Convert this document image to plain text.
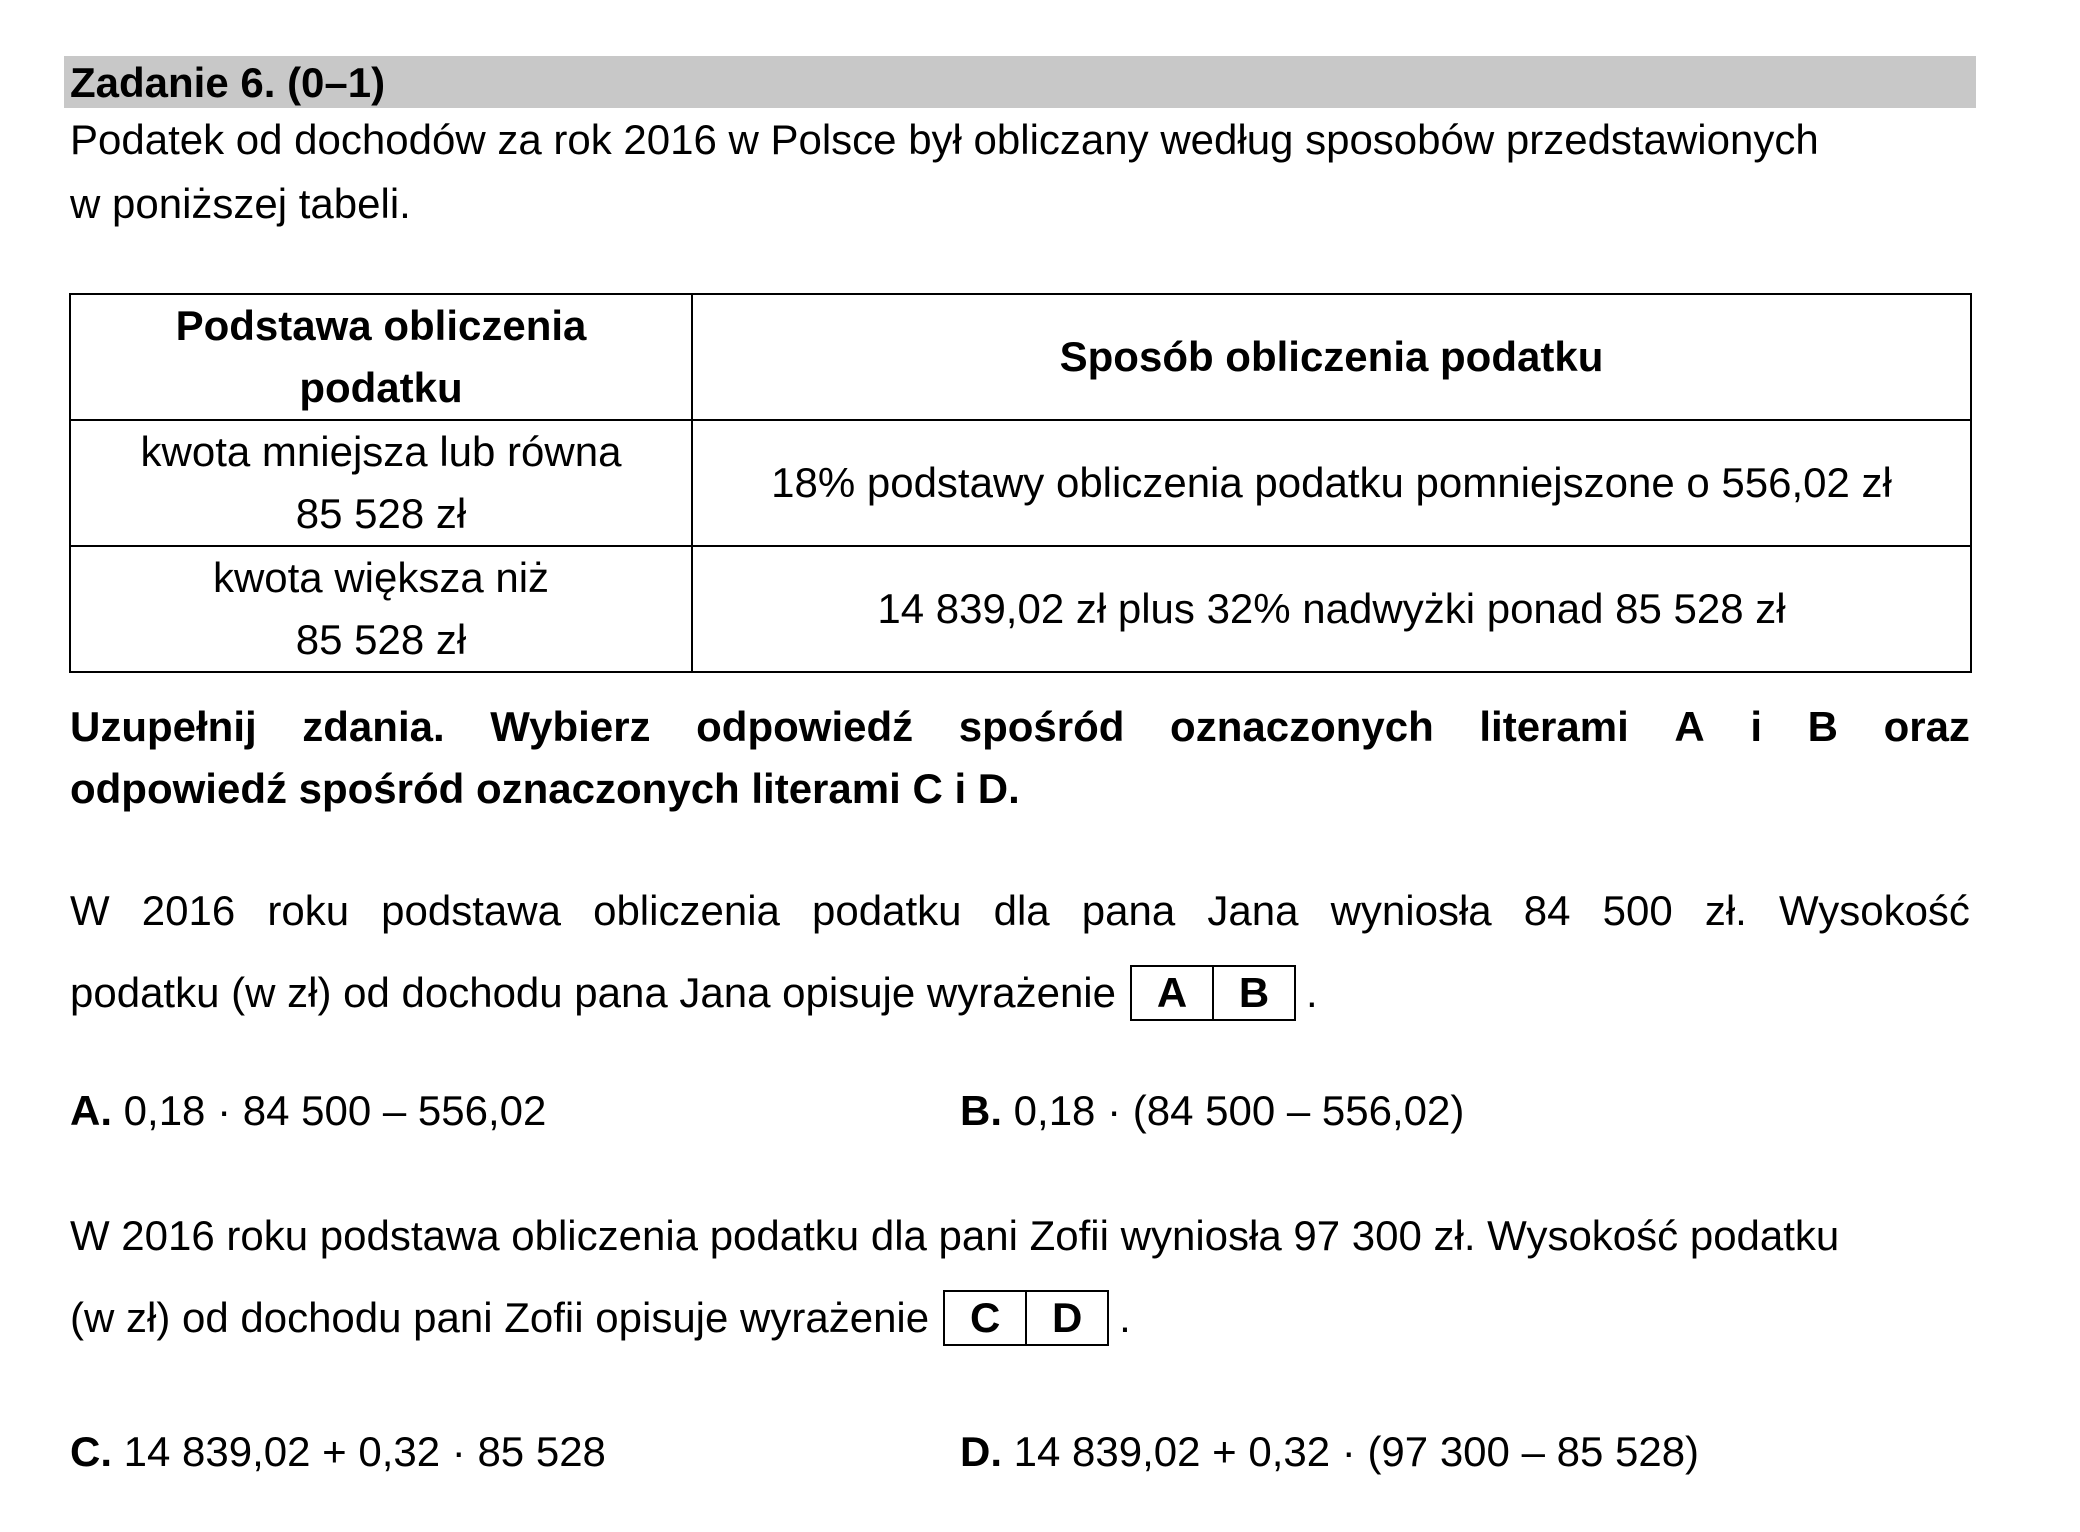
Zadanie 6. (0–1)

Podatek od dochodów za rok 2016 w Polsce był obliczany według sposobów przedstawionych

w poniższej tabeli.

Podstawa obliczenia
podatku	Sposób obliczenia podatku
kwota mniejsza lub równa
85 528 zł	18% podstawy obliczenia podatku pomniejszone o 556,02 zł
kwota większa niż
85 528 zł	14 839,02 zł plus 32% nadwyżki ponad 85 528 zł
Uzupełnij zdania. Wybierz odpowiedź spośród oznaczonych literami A i B oraz
odpowiedź spośród oznaczonych literami C i D.
W 2016 roku podstawa obliczenia podatku dla pana Jana wyniosła 84 500 zł. Wysokość
podatku (w zł) od dochodu pana Jana opisuje wyrażenie A	B .
A. 0,18 · 84 500 – 556,02	B. 0,18 · (84 500 – 556,02)
W 2016 roku podstawa obliczenia podatku dla pani Zofii wyniosła 97 300 zł. Wysokość podatku
(w zł) od dochodu pani Zofii opisuje wyrażenie C	D .
C. 14 839,02 + 0,32 · 85 528	D. 14 839,02 + 0,32 · (97 300 – 85 528)
